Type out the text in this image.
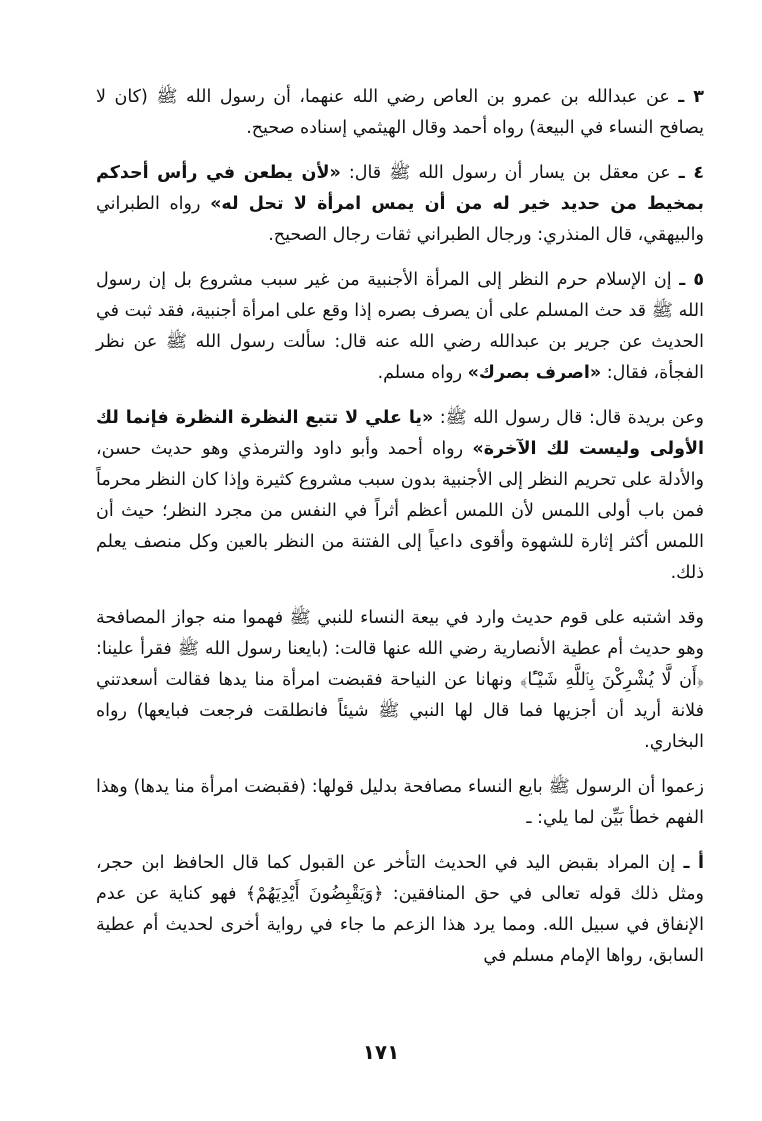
٣ ـ عن عبدالله بن عمرو بن العاص رضي الله عنهما، أن رسول الله ﷺ (كان لا يصافح النساء في البيعة) رواه أحمد وقال الهيثمي إسناده صحيح.

٤ ـ عن معقل بن يسار أن رسول الله ﷺ قال: «لأن يطعن في رأس أحدكم بمخيط من حديد خير له من أن يمس امرأة لا تحل له» رواه الطبراني والبيهقي، قال المنذري: ورجال الطبراني ثقات رجال الصحيح.

٥ ـ إن الإسلام حرم النظر إلى المرأة الأجنبية من غير سبب مشروع بل إن رسول الله ﷺ قد حث المسلم على أن يصرف بصره إذا وقع على امرأة أجنبية، فقد ثبت في الحديث عن جرير بن عبدالله رضي الله عنه قال: سألت رسول الله ﷺ عن نظر الفجأة، فقال: «اصرف بصرك» رواه مسلم.

وعن بريدة قال: قال رسول الله ﷺ: «يا علي لا تتبع النظرة النظرة فإنما لك الأولى وليست لك الآخرة» رواه أحمد وأبو داود والترمذي وهو حديث حسن، والأدلة على تحريم النظر إلى الأجنبية بدون سبب مشروع كثيرة وإذا كان النظر محرماً فمن باب أولى اللمس لأن اللمس أعظم أثراً في النفس من مجرد النظر؛ حيث أن اللمس أكثر إثارة للشهوة وأقوى داعياً إلى الفتنة من النظر بالعين وكل منصف يعلم ذلك.

وقد اشتبه على قوم حديث وارد في بيعة النساء للنبي ﷺ فهموا منه جواز المصافحة وهو حديث أم عطية الأنصارية رضي الله عنها قالت: (بايعنا رسول الله ﷺ فقرأ علينا: ﴿أَن لَّا يُشْرِكْنَ بِٱللَّهِ شَيْـًٔا﴾ ونهانا عن النياحة فقبضت امرأة منا يدها فقالت أسعدتني فلانة أريد أن أجزيها فما قال لها النبي ﷺ شيئاً فانطلقت فرجعت فبايعها) رواه البخاري.

زعموا أن الرسول ﷺ بايع النساء مصافحة بدليل قولها: (فقبضت امرأة منا يدها) وهذا الفهم خطأ بَيِّن لما يلي: ـ

أ ـ إن المراد بقبض اليد في الحديث التأخر عن القبول كما قال الحافظ ابن حجر، ومثل ذلك قوله تعالى في حق المنافقين: ﴿وَيَقْبِضُونَ أَيْدِيَهُمْ﴾ فهو كناية عن عدم الإنفاق في سبيل الله. ومما يرد هذا الزعم ما جاء في رواية أخرى لحديث أم عطية السابق، رواها الإمام مسلم في

١٧١
